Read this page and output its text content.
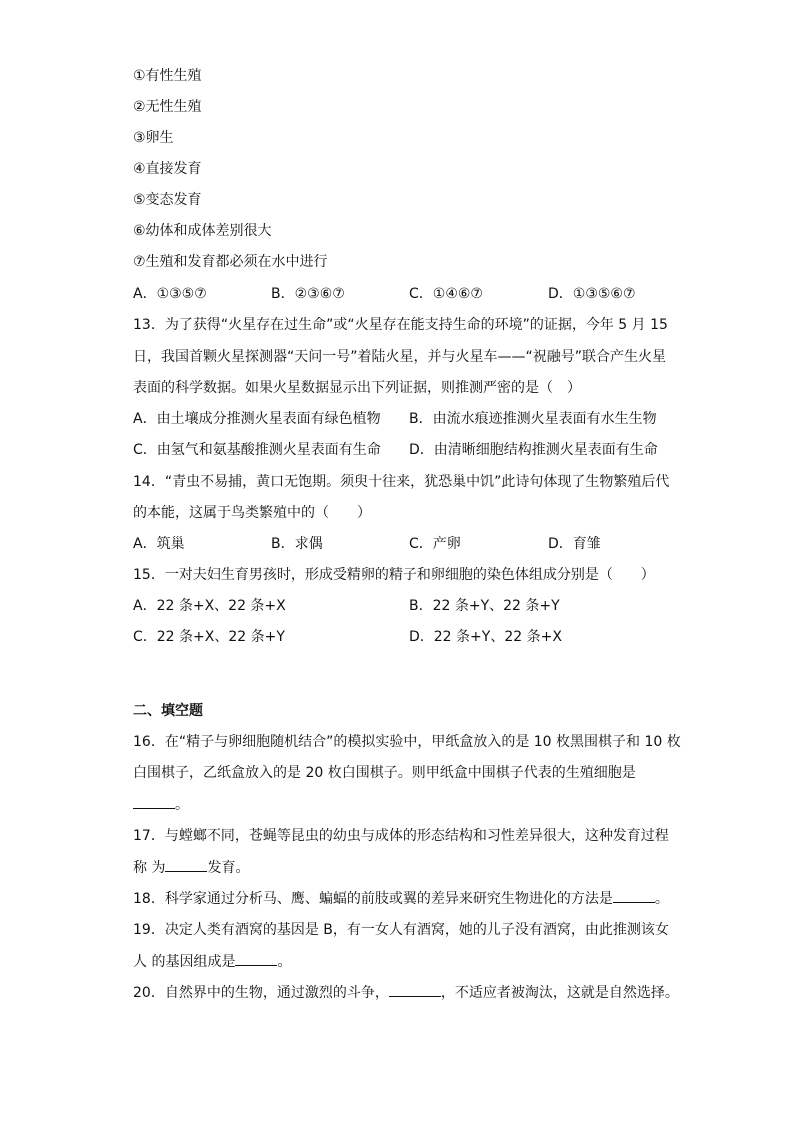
①有性生殖
②无性生殖
③卵生
④直接发育
⑤变态发育
⑥幼体和成体差别很大
⑦生殖和发育都必须在水中进行
A．①③⑤⑦	B．②③⑥⑦	C．①④⑥⑦	D．①③⑤⑥⑦
13．为了获得“火星存在过生命”或“火星存在能支持生命的环境”的证据，今年 5 月 15
日，我国首颗火星探测器“天问一号”着陆火星，并与火星车——“祝融号”联合产生火星
表面的科学数据。如果火星数据显示出下列证据，则推测严密的是（　）
A．由土壤成分推测火星表面有绿色植物 B．由流水痕迹推测火星表面有水生生物
C．由氢气和氨基酸推测火星表面有生命 D．由清晰细胞结构推测火星表面有生命
14．“青虫不易捕，黄口无饱期。须臾十往来，犹恐巢中饥”此诗句体现了生物繁殖后代
的本能，这属于鸟类繁殖中的（　　）
A．筑巢	B．求偶	C．产卵	D．育雏
15．一对夫妇生育男孩时，形成受精卵的精子和卵细胞的染色体组成分别是（　　）
A．22 条+X、22 条+X	B．22 条+Y、22 条+Y
C．22 条+X、22 条+Y	D．22 条+Y、22 条+X
二、填空题
16．在“精子与卵细胞随机结合”的模拟实验中，甲纸盒放入的是 10 枚黑围棋子和 10 枚
白围棋子，乙纸盒放入的是 20 枚白围棋子。则甲纸盒中围棋子代表的生殖细胞是
。
17．与螳螂不同，苍蝇等昆虫的幼虫与成体的形态结构和习性差异很大，这种发育过程
称 为	发育。
18．科学家通过分析马、鹰、蝙蝠的前肢或翼的差异来研究生物进化的方法是	。
19．决定人类有酒窝的基因是 B，有一女人有酒窝，她的儿子没有酒窝，由此推测该女
人 的基因组成是	。
20．自然界中的生物，通过激烈的斗争，	，不适应者被淘汰，这就是自然选择。
